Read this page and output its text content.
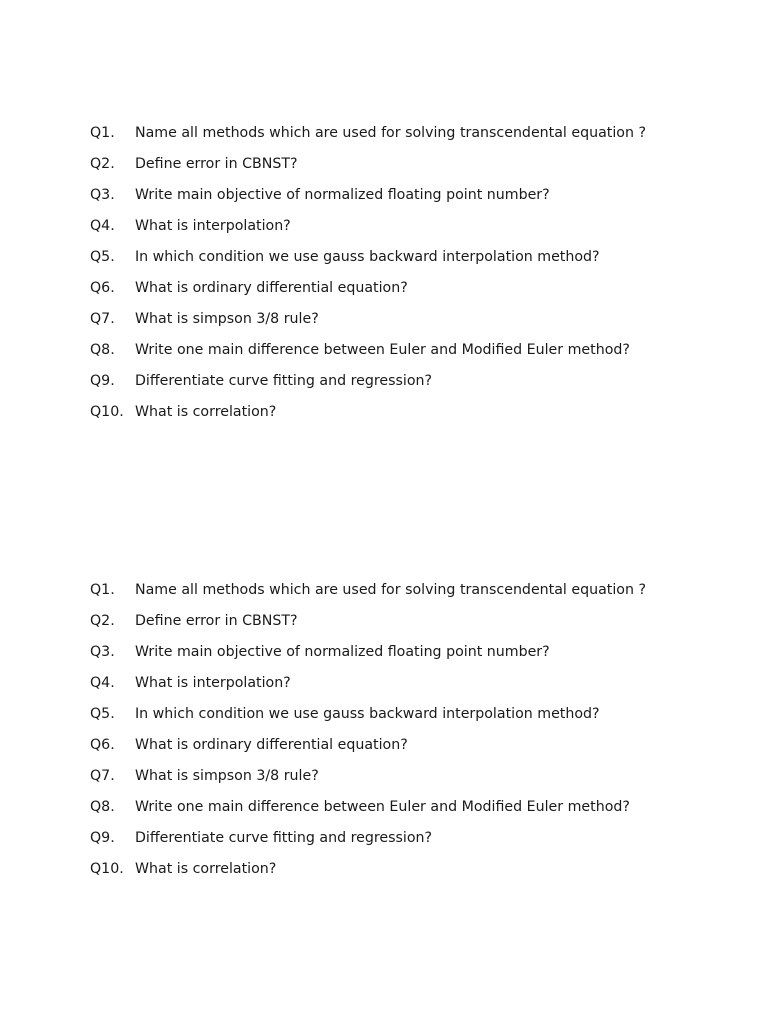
Q1. Name all methods which are used for solving transcendental equation ?

Q2. Define error in CBNST?

Q3. Write main objective of normalized floating point number?

Q4. What is interpolation?

Q5. In which condition we use gauss backward interpolation method?

Q6. What is ordinary differential equation?

Q7. What is simpson 3/8 rule?

Q8. Write one main difference between Euler and Modified Euler method?

Q9. Differentiate curve fitting and regression?

Q10. What is correlation?

Q1. Name all methods which are used for solving transcendental equation ?

Q2. Define error in CBNST?

Q3. Write main objective of normalized floating point number?

Q4. What is interpolation?

Q5. In which condition we use gauss backward interpolation method?

Q6. What is ordinary differential equation?

Q7. What is simpson 3/8 rule?

Q8. Write one main difference between Euler and Modified Euler method?

Q9. Differentiate curve fitting and regression?

Q10. What is correlation?
